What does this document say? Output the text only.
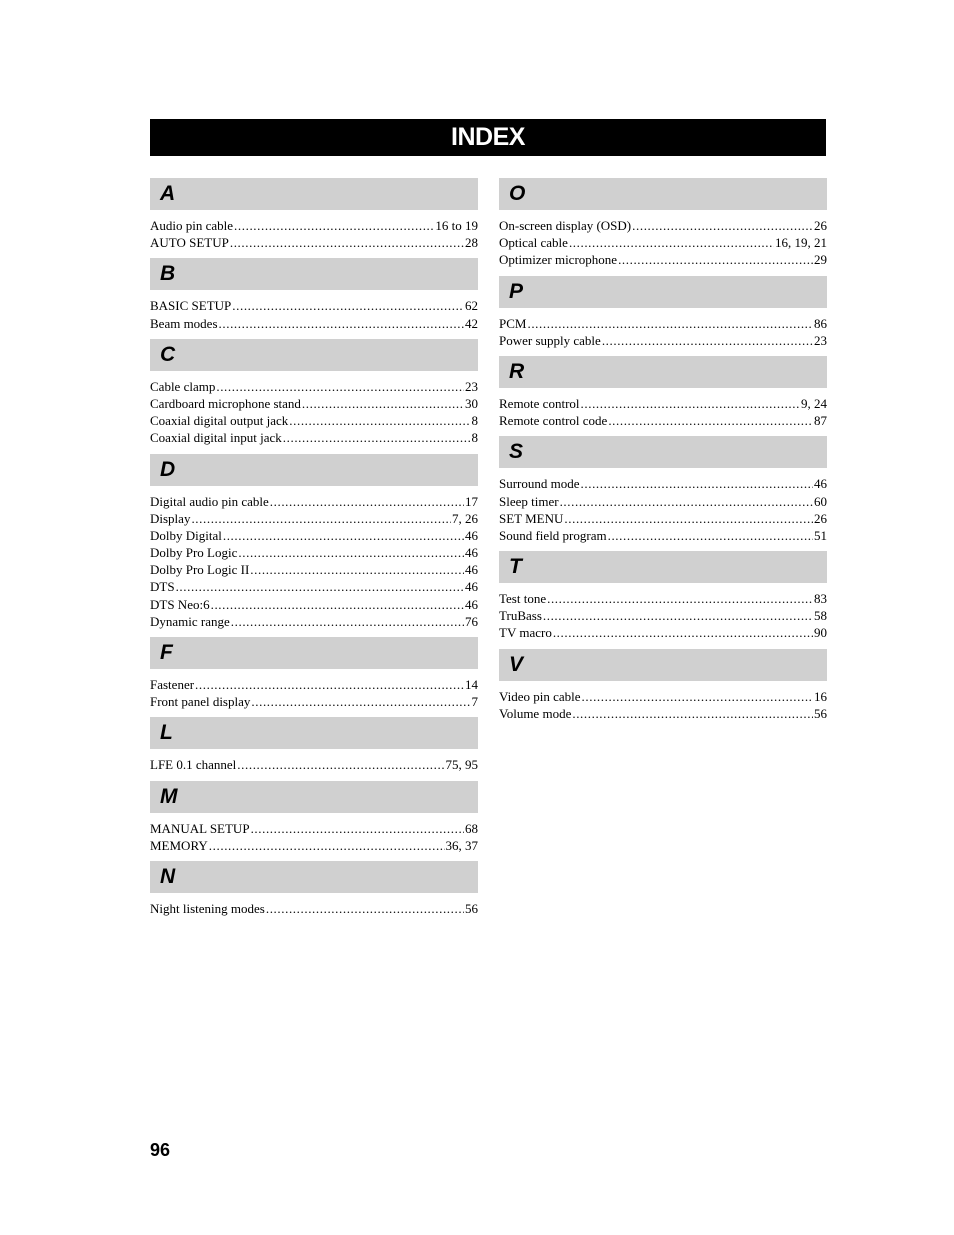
INDEX
A
Audio pin cable .....	16 to 19
AUTO SETUP .....	28
B
BASIC SETUP .....	62
Beam modes .....	42
C
Cable clamp .....	23
Cardboard microphone stand .....	30
Coaxial digital output jack .....	8
Coaxial digital input jack .....	8
D
Digital audio pin cable .....	17
Display .....	7, 26
Dolby Digital .....	46
Dolby Pro Logic .....	46
Dolby Pro Logic II .....	46
DTS .....	46
DTS Neo:6 .....	46
Dynamic range .....	76
F
Fastener .....	14
Front panel display .....	7
L
LFE 0.1 channel .....	75, 95
M
MANUAL SETUP .....	68
MEMORY .....	36, 37
N
Night listening modes .....	56
O
On-screen display (OSD) .....	26
Optical cable .....	16, 19, 21
Optimizer microphone .....	29
P
PCM .....	86
Power supply cable .....	23
R
Remote control .....	9, 24
Remote control code .....	87
S
Surround mode .....	46
Sleep timer .....	60
SET MENU .....	26
Sound field program .....	51
T
Test tone .....	83
TruBass .....	58
TV macro .....	90
V
Video pin cable .....	16
Volume mode .....	56
96
